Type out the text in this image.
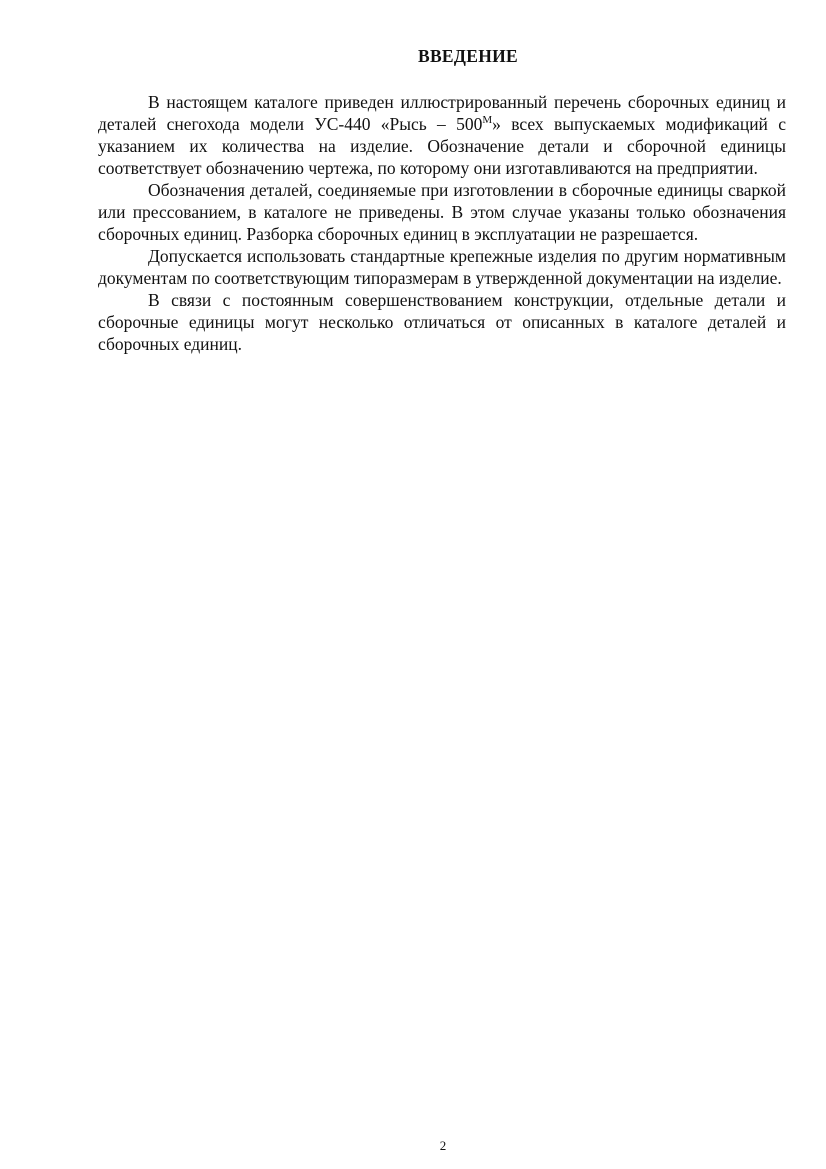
ВВЕДЕНИЕ

В настоящем каталоге приведен иллюстрированный перечень сборочных единиц и деталей снегохода модели УС-440 «Рысь – $500^М$» всех выпускаемых модификаций с указанием их количества на изделие. Обозначение детали и сборочной единицы соответствует обозначению чертежа, по которому они изготавливаются на предприятии.

Обозначения деталей, соединяемые при изготовлении в сборочные единицы сваркой или прессованием, в каталоге не приведены. В этом случае указаны только обозначения сборочных единиц. Разборка сборочных единиц в эксплуатации не разрешается.

Допускается использовать стандартные крепежные изделия по другим нормативным документам по соответствующим типоразмерам в утвержденной документации на изделие.

В связи с постоянным совершенствованием конструкции, отдельные детали и сборочные единицы могут несколько отличаться от описанных в каталоге деталей и сборочных единиц.

2
